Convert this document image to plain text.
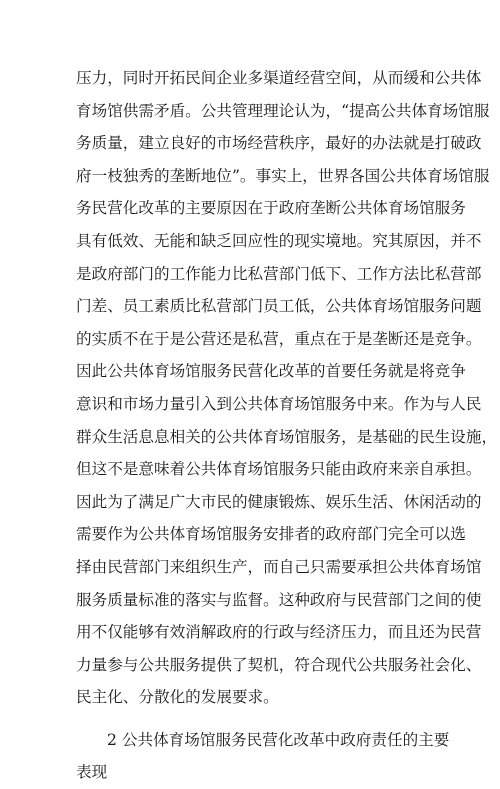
压力，同时开拓民间企业多渠道经营空间，从而缓和公共体
育场馆供需矛盾。公共管理理论认为，“提高公共体育场馆服
务质量，建立良好的市场经营秩序，最好的办法就是打破政
府一枝独秀的垄断地位”。事实上，世界各国公共体育场馆服
务民营化改革的主要原因在于政府垄断公共体育场馆服务
具有低效、无能和缺乏回应性的现实境地。究其原因，并不
是政府部门的工作能力比私营部门低下、工作方法比私营部
门差、员工素质比私营部门员工低，公共体育场馆服务问题
的实质不在于是公营还是私营，重点在于是垄断还是竞争。
因此公共体育场馆服务民营化改革的首要任务就是将竞争
意识和市场力量引入到公共体育场馆服务中来。作为与人民
群众生活息息相关的公共体育场馆服务，是基础的民生设施，
但这不是意味着公共体育场馆服务只能由政府来亲自承担。
因此为了满足广大市民的健康锻炼、娱乐生活、休闲活动的
需要作为公共体育场馆服务安排者的政府部门完全可以选
择由民营部门来组织生产，而自己只需要承担公共体育场馆
服务质量标准的落实与监督。这种政府与民营部门之间的使
用不仅能够有效消解政府的行政与经济压力，而且还为民营
力量参与公共服务提供了契机，符合现代公共服务社会化、
民主化、分散化的发展要求。
2 公共体育场馆服务民营化改革中政府责任的主要
表现
